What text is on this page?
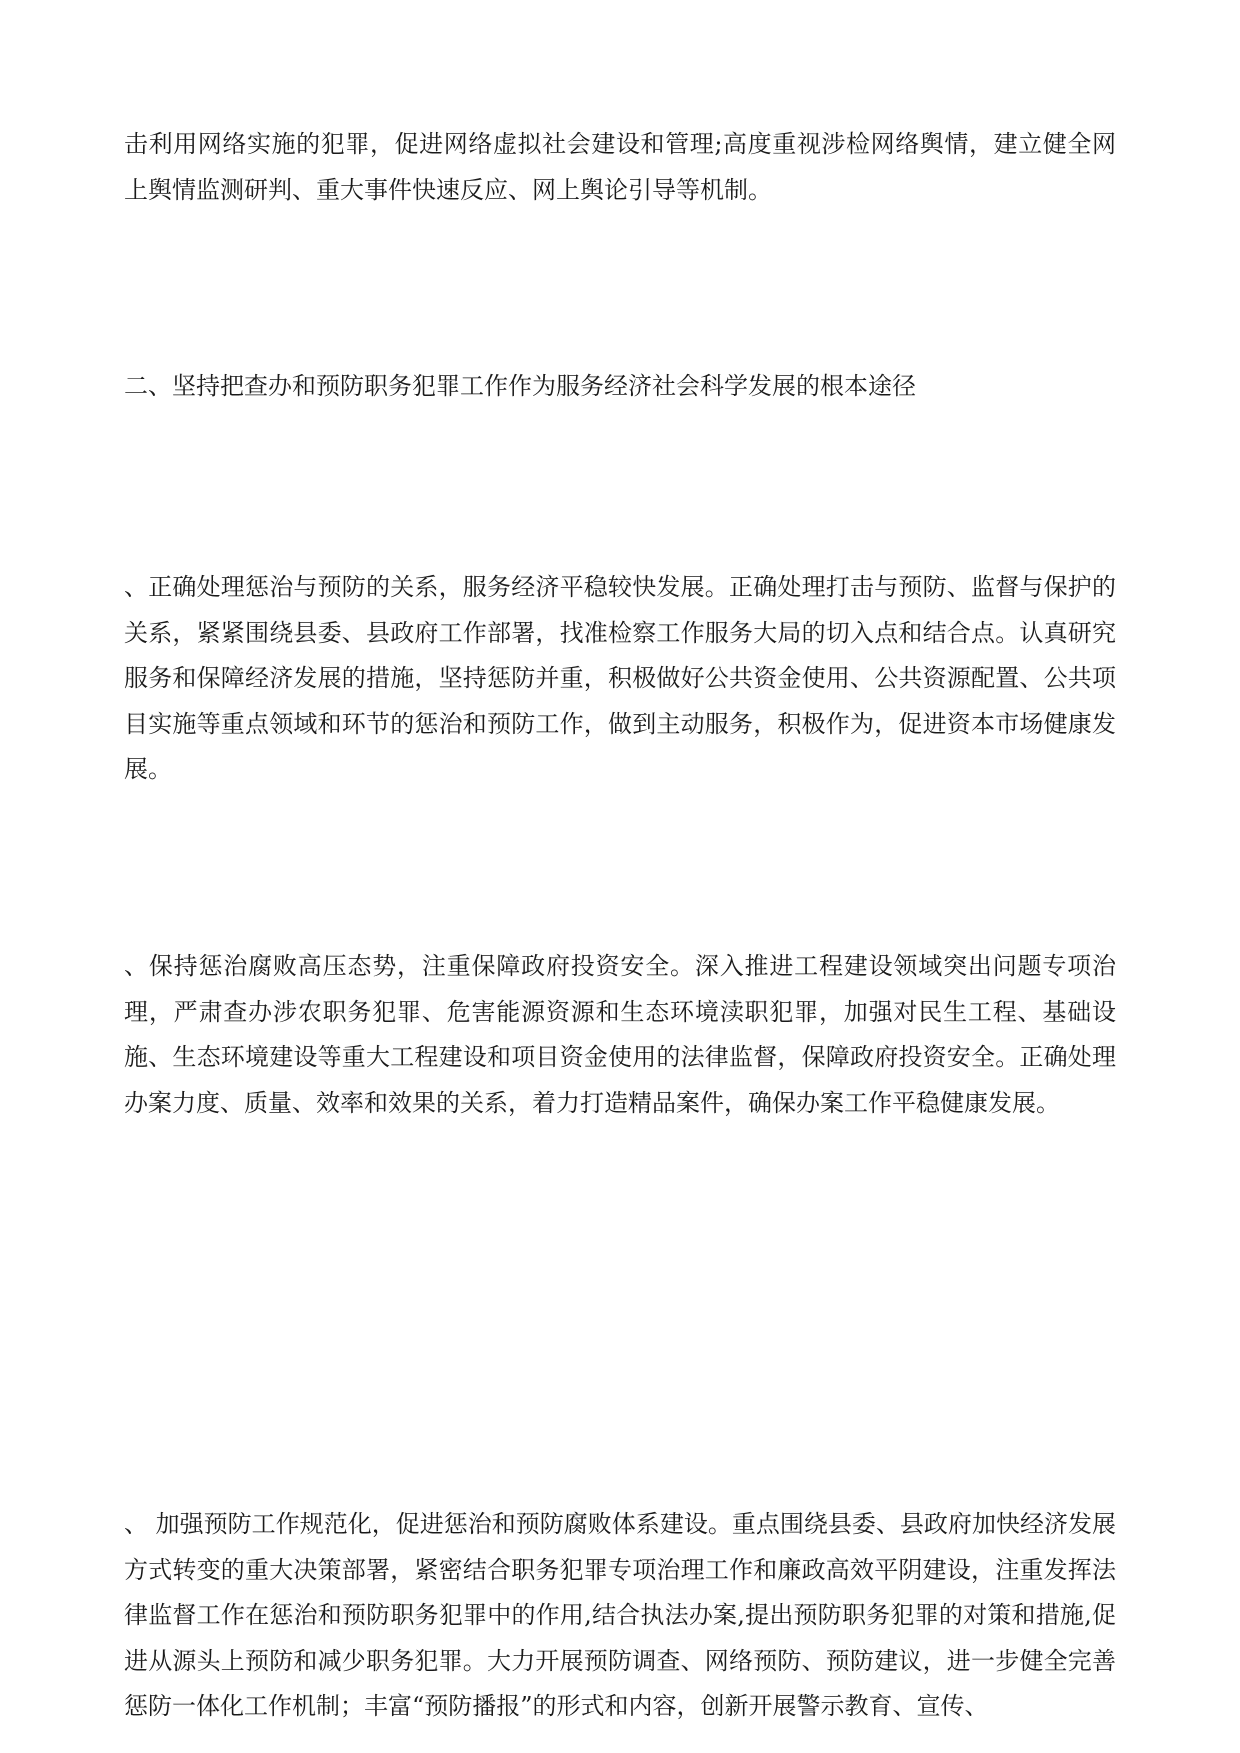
击利用网络实施的犯罪，促进网络虚拟社会建设和管理;高度重视涉检网络舆情，建立健全网上舆情监测研判、重大事件快速反应、网上舆论引导等机制。

二、坚持把查办和预防职务犯罪工作作为服务经济社会科学发展的根本途径

、正确处理惩治与预防的关系，服务经济平稳较快发展。正确处理打击与预防、监督与保护的关系，紧紧围绕县委、县政府工作部署，找准检察工作服务大局的切入点和结合点。认真研究服务和保障经济发展的措施，坚持惩防并重，积极做好公共资金使用、公共资源配置、公共项目实施等重点领域和环节的惩治和预防工作，做到主动服务，积极作为，促进资本市场健康发展。

、保持惩治腐败高压态势，注重保障政府投资安全。深入推进工程建设领域突出问题专项治理，严肃查办涉农职务犯罪、危害能源资源和生态环境渎职犯罪，加强对民生工程、基础设施、生态环境建设等重大工程建设和项目资金使用的法律监督，保障政府投资安全。正确处理办案力度、质量、效率和效果的关系，着力打造精品案件，确保办案工作平稳健康发展。

、 加强预防工作规范化，促进惩治和预防腐败体系建设。重点围绕县委、县政府加快经济发展方式转变的重大决策部署，紧密结合职务犯罪专项治理工作和廉政高效平阴建设，注重发挥法律监督工作在惩治和预防职务犯罪中的作用,结合执法办案,提出预防职务犯罪的对策和措施,促进从源头上预防和减少职务犯罪。大力开展预防调查、网络预防、预防建议，进一步健全完善惩防一体化工作机制；丰富“预防播报”的形式和内容，创新开展警示教育、宣传、
